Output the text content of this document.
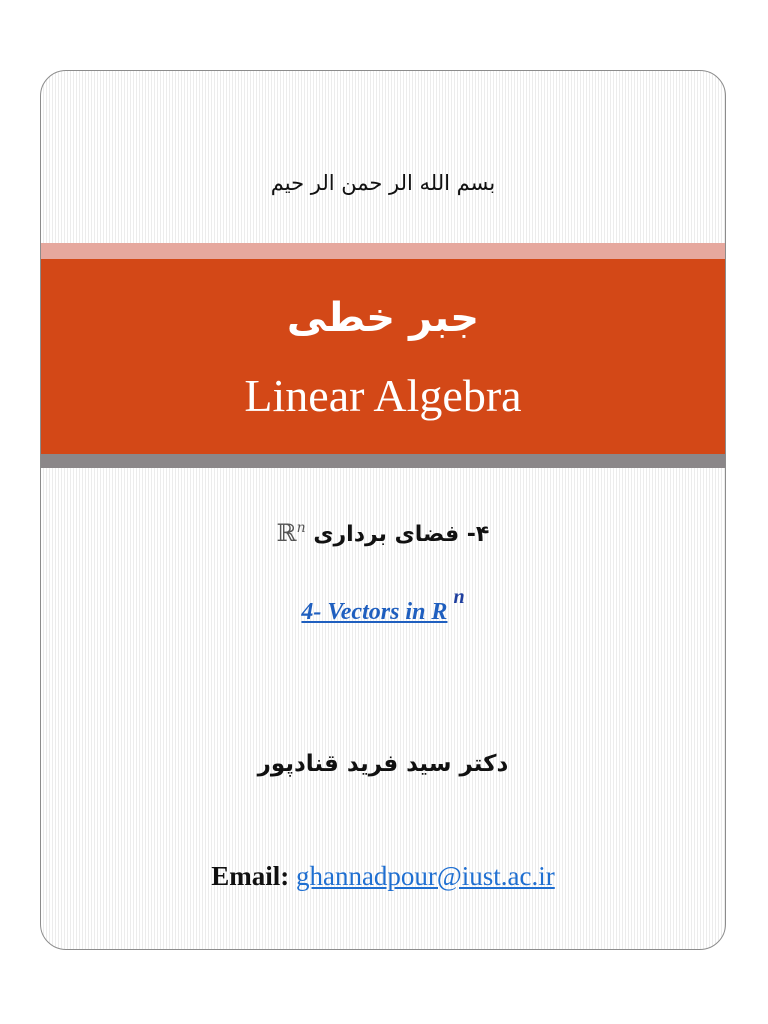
بسم الله الر حمن الر حيم
جبر خطی
Linear Algebra
۴- فضای برداری ℝ$^n$
4- Vectors in $R^n$
دکتر سید فرید قنادپور
Email: ghannadpour@iust.ac.ir
